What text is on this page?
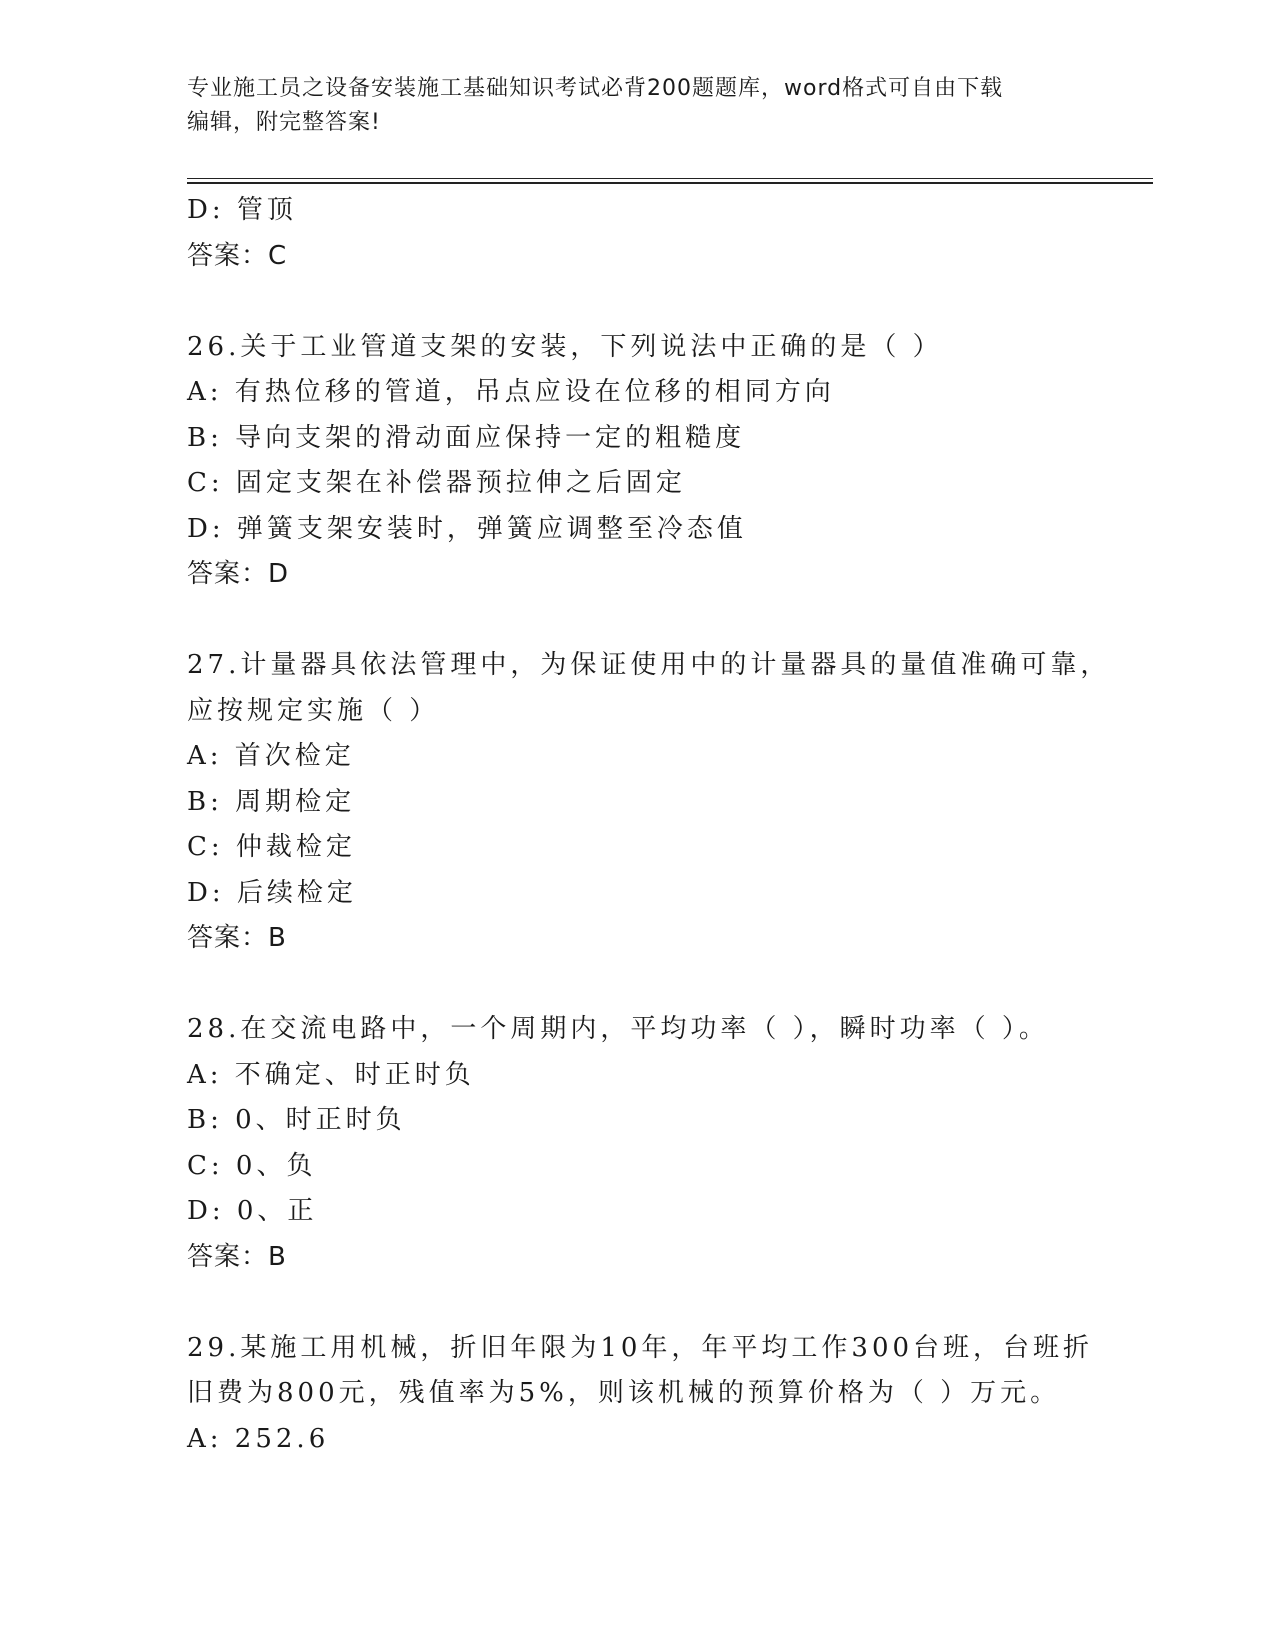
专业施工员之设备安装施工基础知识考试必背200题题库，word格式可自由下载
编辑，附完整答案!
D: 管顶
答案：C
26.关于工业管道支架的安装，下列说法中正确的是（ ）
A: 有热位移的管道，吊点应设在位移的相同方向
B: 导向支架的滑动面应保持一定的粗糙度
C: 固定支架在补偿器预拉伸之后固定
D: 弹簧支架安装时，弹簧应调整至冷态值
答案：D
27.计量器具依法管理中，为保证使用中的计量器具的量值准确可靠，
应按规定实施（ ）
A: 首次检定
B: 周期检定
C: 仲裁检定
D: 后续检定
答案：B
28.在交流电路中，一个周期内，平均功率（ ），瞬时功率（ ）。
A: 不确定、时正时负
B: 0、时正时负
C: 0、负
D: 0、正
答案：B
29.某施工用机械，折旧年限为10年，年平均工作300台班，台班折
旧费为800元，残值率为5%，则该机械的预算价格为（ ）万元。
A: 252.6
